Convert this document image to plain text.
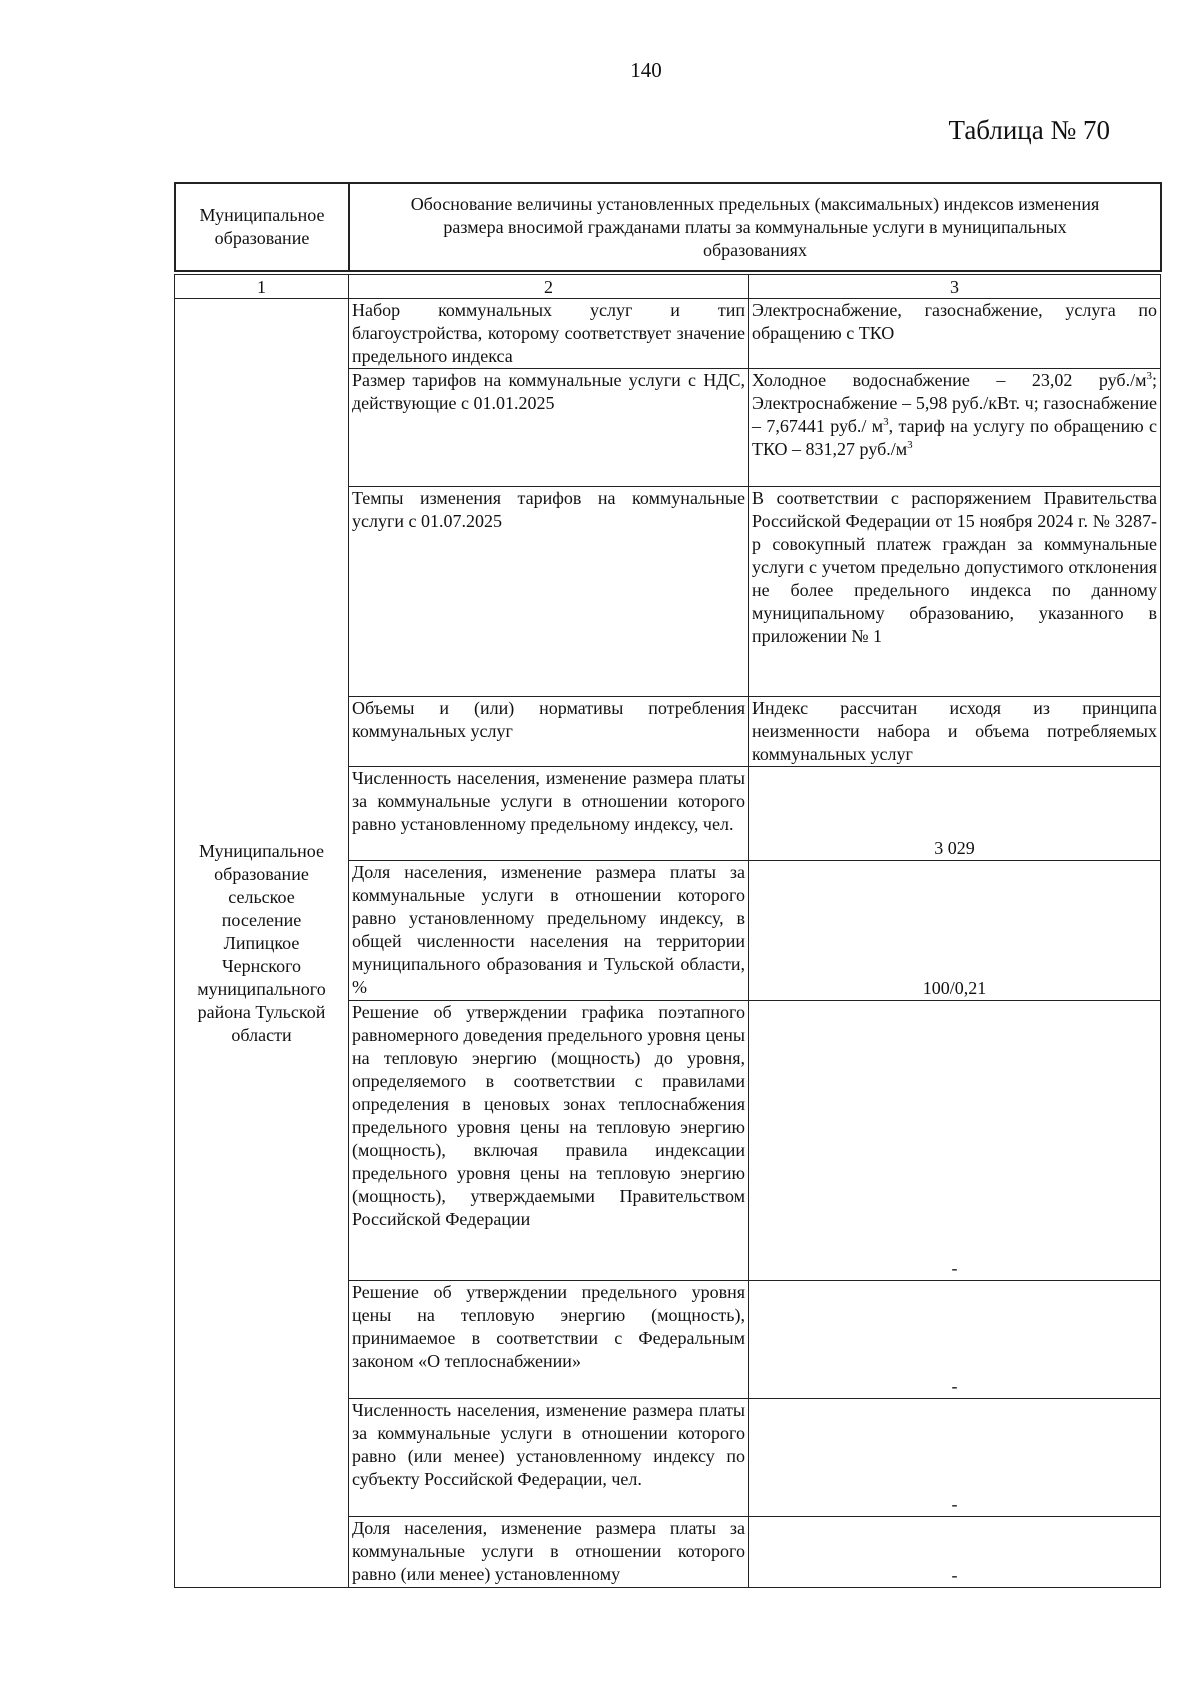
140
Таблица № 70
Муниципальное образование	Обоснование величины установленных предельных (максимальных) индексов изменения размера вносимой гражданами платы за коммунальные услуги в муниципальных образованиях
1	2	3
Муниципальное образование сельское поселение Липицкое Чернского муниципального района Тульской области	Набор коммунальных услуг и тип благоустройства, которому соответствует значение предельного индекса	Электроснабжение, газоснабжение, услуга по обращению с ТКО
	Размер тарифов на коммунальные услуги с НДС, действующие с 01.01.2025	Холодное водоснабжение – 23,02 $руб./м^3$; Электроснабжение – 5,98 руб./кВт. ч; газоснабжение – 7,67441 руб./ $м^3$, тариф на услугу по обращению с ТКО – 831,27 $руб./м^3$
	Темпы изменения тарифов на коммунальные услуги с 01.07.2025	В соответствии с распоряжением Правительства Российской Федерации от 15 ноября 2024 г. № 3287-р совокупный платеж граждан за коммунальные услуги с учетом предельно допустимого отклонения не более предельного индекса по данному муниципальному образованию, указанного в приложении № 1
	Объемы и (или) нормативы потребления коммунальных услуг	Индекс рассчитан исходя из принципа неизменности набора и объема потребляемых коммунальных услуг
	Численность населения, изменение размера платы за коммунальные услуги в отношении которого равно установленному предельному индексу, чел.	3 029
	Доля населения, изменение размера платы за коммунальные услуги в отношении которого равно установленному предельному индексу, в общей численности населения на территории муниципального образования и Тульской области, %	100/0,21
	Решение об утверждении графика поэтапного равномерного доведения предельного уровня цены на тепловую энергию (мощность) до уровня, определяемого в соответствии с правилами определения в ценовых зонах теплоснабжения предельного уровня цены на тепловую энергию (мощность), включая правила индексации предельного уровня цены на тепловую энергию (мощность), утверждаемыми Правительством Российской Федерации	-
	Решение об утверждении предельного уровня цены на тепловую энергию (мощность), принимаемое в соответствии с Федеральным законом «О теплоснабжении»	-
	Численность населения, изменение размера платы за коммунальные услуги в отношении которого равно (или менее) установленному индексу по субъекту Российской Федерации, чел.	-
	Доля населения, изменение размера платы за коммунальные услуги в отношении которого равно (или менее) установленному	-
